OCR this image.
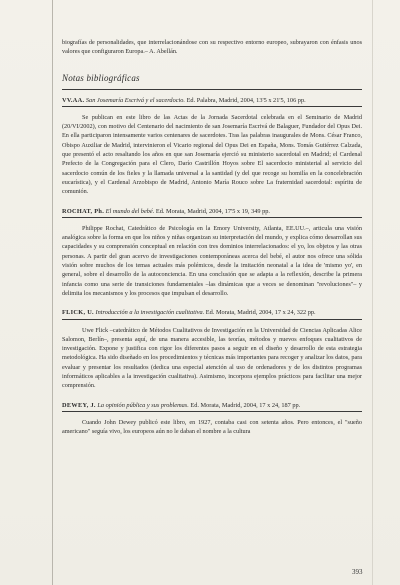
biografías de personalidades, que interrelacionándose con su respectivo entorno europeo, subrayaron con énfasis unos valores que configuraron Europa.– A. Abellán.

Notas bibliográficas
VV.AA. San Josemaría Escrivá y el sacerdocio. Ed. Palabra, Madrid, 2004, 13'5 x 21'5, 106 pp.

Se publican en este libro de las Actas de la Jornada Sacerdotal celebrada en el Seminario de Madrid (20/VI/2002), con motivo del Centenario del nacimiento de san Josemaría Escrivá de Balaguer, Fundador del Opus Dei. En ella participaron intensamente varios centenares de sacerdotes. Tras las palabras inaugurales de Mons. César Franco, Obispo Auxiliar de Madrid, intervinieron el Vicario regional del Opus Dei en España, Mons. Tomás Gutiérrez Calzada, que presentó el acto resaltando los años en que san Josemaría ejerció su ministerio sacerdotal en Madrid; el Cardenal Prefecto de la Congregación para el Clero, Darío Castrillón Hoyos sobre El sacerdocio ministerial al servicio del sacerdocio común de los fieles y la llamada universal a la santidad (y del que recoge su homilía en la concelebración eucarística), y el Cardenal Arzobispo de Madrid, Antonio María Rouco sobre La fraternidad sacerdotal: espíritu de comunión.

ROCHAT, Ph. El mundo del bebé. Ed. Morata, Madrid, 2004, 17'5 x 19, 349 pp.

Philippe Rochat, Catedrático de Psicología en la Emory University, Atlanta, EE.UU.–, articula una visión analógica sobre la forma en que los niños y niñas organizan su interpretación del mundo, y explica cómo desarrollan sus capacidades y su comprensión conceptual en relación con tres dominios interrelacionados: el yo, los objetos y las otras personas. A partir del gran acervo de investigaciones contemporáneas acerca del bebé, el autor nos ofrece una sólida visión sobre muchos de los temas actuales más polémicos, desde la imitación neonatal a la idea de 'mismo yo', en general, sobre el desarrollo de la autoconciencia. En una conclusión que se adapta a la reflexión, describe la primera infancia como una serie de transiciones fundamentales –las dinámicas que a veces se denominan "revoluciones"– y delimita los mecanismos y los procesos que impulsan el desarrollo.

FLICK, U. Introducción a la investigación cualitativa. Ed. Morata, Madrid, 2004, 17 x 24, 322 pp.

Uwe Flick –catedrático de Métodos Cualitativos de Investigación en la Universidad de Ciencias Aplicadas Alice Salomon, Berlín–, presenta aquí, de una manera accesible, las teorías, métodos y nuevos enfoques cualitativos de investigación. Expone y justifica con rigor los diferentes pasos a seguir en el diseño y desarrollo de esta estrategia metodológica. Ha sido diseñado en los procedimientos y técnicas más importantes para recoger y analizar los datos, para evaluar y presentar los resultados (dedica una especial atención al uso de ordenadores y de los distintos programas informáticos aplicables a la investigación cualitativa). Asimismo, incorpora ejemplos prácticos para facilitar una mejor comprensión.

DEWEY, J. La opinión pública y sus problemas. Ed. Morata, Madrid, 2004, 17 x 24, 187 pp.

Cuando John Dewey publicó este libro, en 1927, contaba casi con setenta años. Pero entonces, el "sueño americano" seguía vivo, los europeos aún no le daban el nombre a la cultura

393
